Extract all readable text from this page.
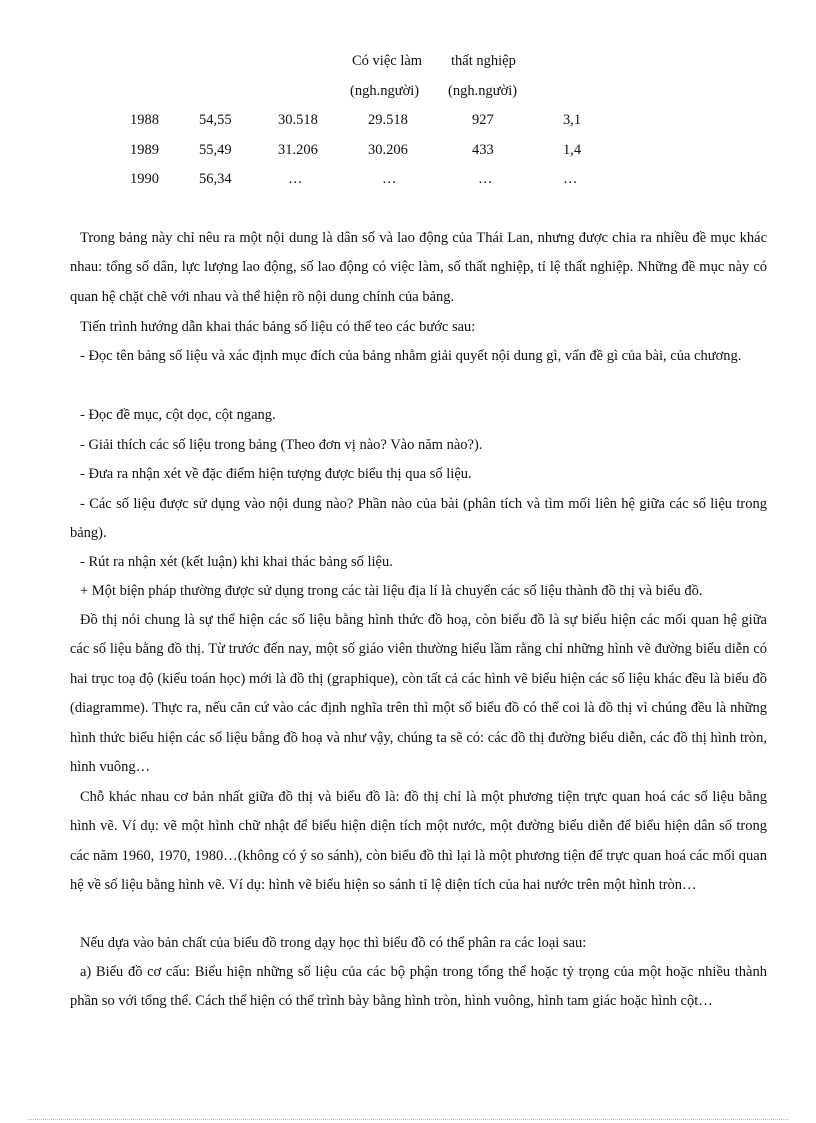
Có việc làm
(ngh.người)
thất nghiệp
(ngh.người)
1988	54,55	30.518	29.518	927	3,1
1989	55,49	31.206	30.206	433	1,4
1990	56,34	…	…	…	…

Trong bảng này chỉ nêu ra một nội dung là dân số và lao động của Thái Lan, nhưng được chia ra nhiều đề mục khác nhau: tổng số dân, lực lượng lao động, số lao động có việc làm, số thất nghiệp, tỉ lệ thất nghiệp. Những đề mục này có quan hệ chặt chẽ với nhau và thể hiện rõ nội dung chính của bảng.

Tiến trình hướng dẫn khai thác bảng số liệu có thể teo các bước sau:

- Đọc tên bảng số liệu và xác định mục đích của bảng nhằm giải quyết nội dung gì, vấn đề gì của bài, của chương.

- Đọc đề mục, cột dọc, cột ngang.

- Giải thích các số liệu trong bảng (Theo đơn vị nào? Vào năm nào?).

- Đưa ra nhận xét về đặc điểm hiện tượng được biểu thị qua số liệu.

- Các số liệu được sử dụng vào nội dung nào? Phần nào của bài (phân tích và tìm mối liên hệ giữa các số liệu trong bảng).

- Rút ra nhận xét (kết luận) khi khai thác bảng số liệu.

+ Một biện pháp thường được sử dụng trong các tài liệu địa lí là chuyển các số liệu thành đồ thị và biểu đồ.

Đồ thị nói chung là sự thể hiện các số liệu bằng hình thức đồ hoạ, còn biểu đồ là sự biểu hiện các mối quan hệ giữa các số liệu bằng đồ thị. Từ trước đến nay, một số giáo viên thường hiểu lầm rằng chỉ những hình vẽ đường biểu diễn có hai trục toạ độ (kiểu toán học) mới là đồ thị (graphique), còn tất cả các hình vẽ biểu hiện các số liệu khác đều là biểu đồ (diagramme). Thực ra, nếu căn cứ vào các định nghĩa trên thì một số biểu đồ có thể coi là đồ thị vì chúng đều là những hình thức biểu hiện các số liệu bằng đồ hoạ và như vậy, chúng ta sẽ có: các đồ thị đường biểu diễn, các đồ thị hình tròn, hình vuông…

Chỗ khác nhau cơ bản nhất giữa đồ thị và biểu đồ là: đồ thị chỉ là một phương tiện trực quan hoá các số liệu bằng hình vẽ. Ví dụ: vẽ một hình chữ nhật để biểu hiện diện tích một nước, một đường biểu diễn để biểu hiện dân số trong các năm 1960, 1970, 1980…(không có ý so sánh), còn biểu đồ thì lại là một phương tiện để trực quan hoá các mối quan hệ về số liệu bằng hình vẽ. Ví dụ: hình vẽ biểu hiện so sánh tỉ lệ diện tích của hai nước trên một hình tròn…

Nếu dựa vào bản chất của biểu đồ trong dạy học thì biểu đồ có thể phân ra các loại sau:

a) Biểu đồ cơ cấu: Biểu hiện những số liệu của các bộ phận trong tổng thể hoặc tỷ trọng của một hoặc nhiều thành phần so với tổng thể. Cách thể hiện có thể trình bày bằng hình tròn, hình vuông, hình tam giác hoặc hình cột…
